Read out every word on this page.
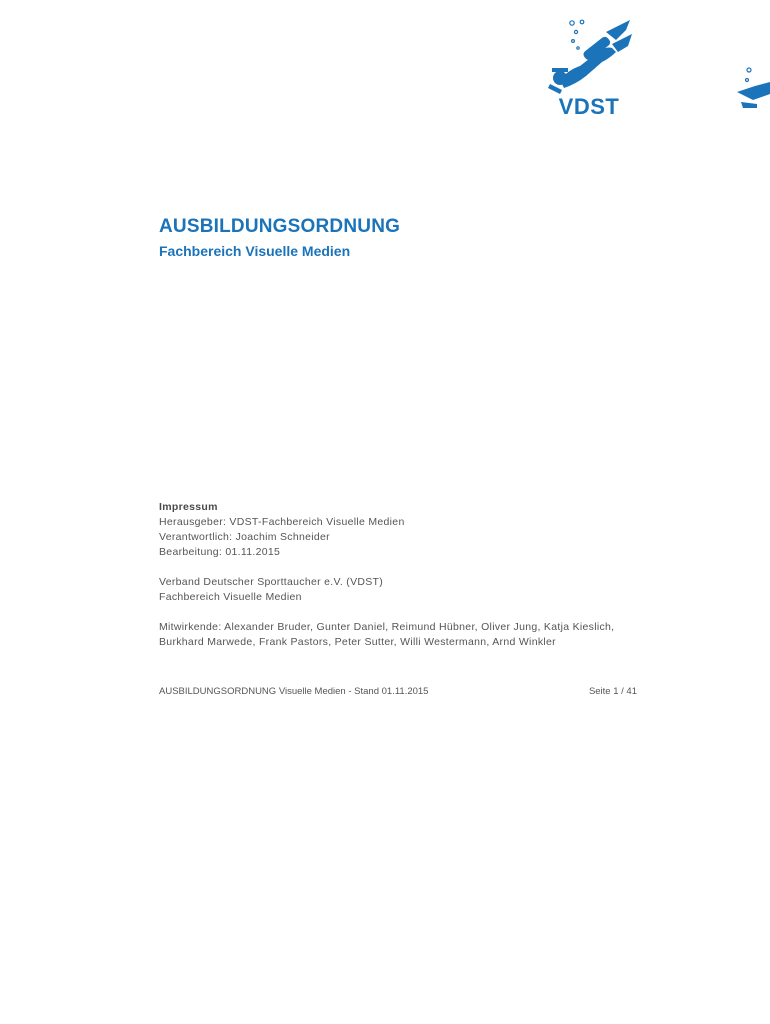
VDST
AUSBILDUNGSORDNUNG
Fachbereich Visuelle Medien
Impressum
Herausgeber: VDST-Fachbereich Visuelle Medien
Verantwortlich: Joachim Schneider
Bearbeitung: 01.11.2015
Verband Deutscher Sporttaucher e.V. (VDST)
Fachbereich Visuelle Medien
Mitwirkende: Alexander Bruder, Gunter Daniel, Reimund Hübner, Oliver Jung, Katja Kieslich, Burkhard Marwede, Frank Pastors, Peter Sutter, Willi Westermann, Arnd Winkler
AUSBILDUNGSORDNUNG Visuelle Medien - Stand 01.11.2015	Seite 1 / 41
